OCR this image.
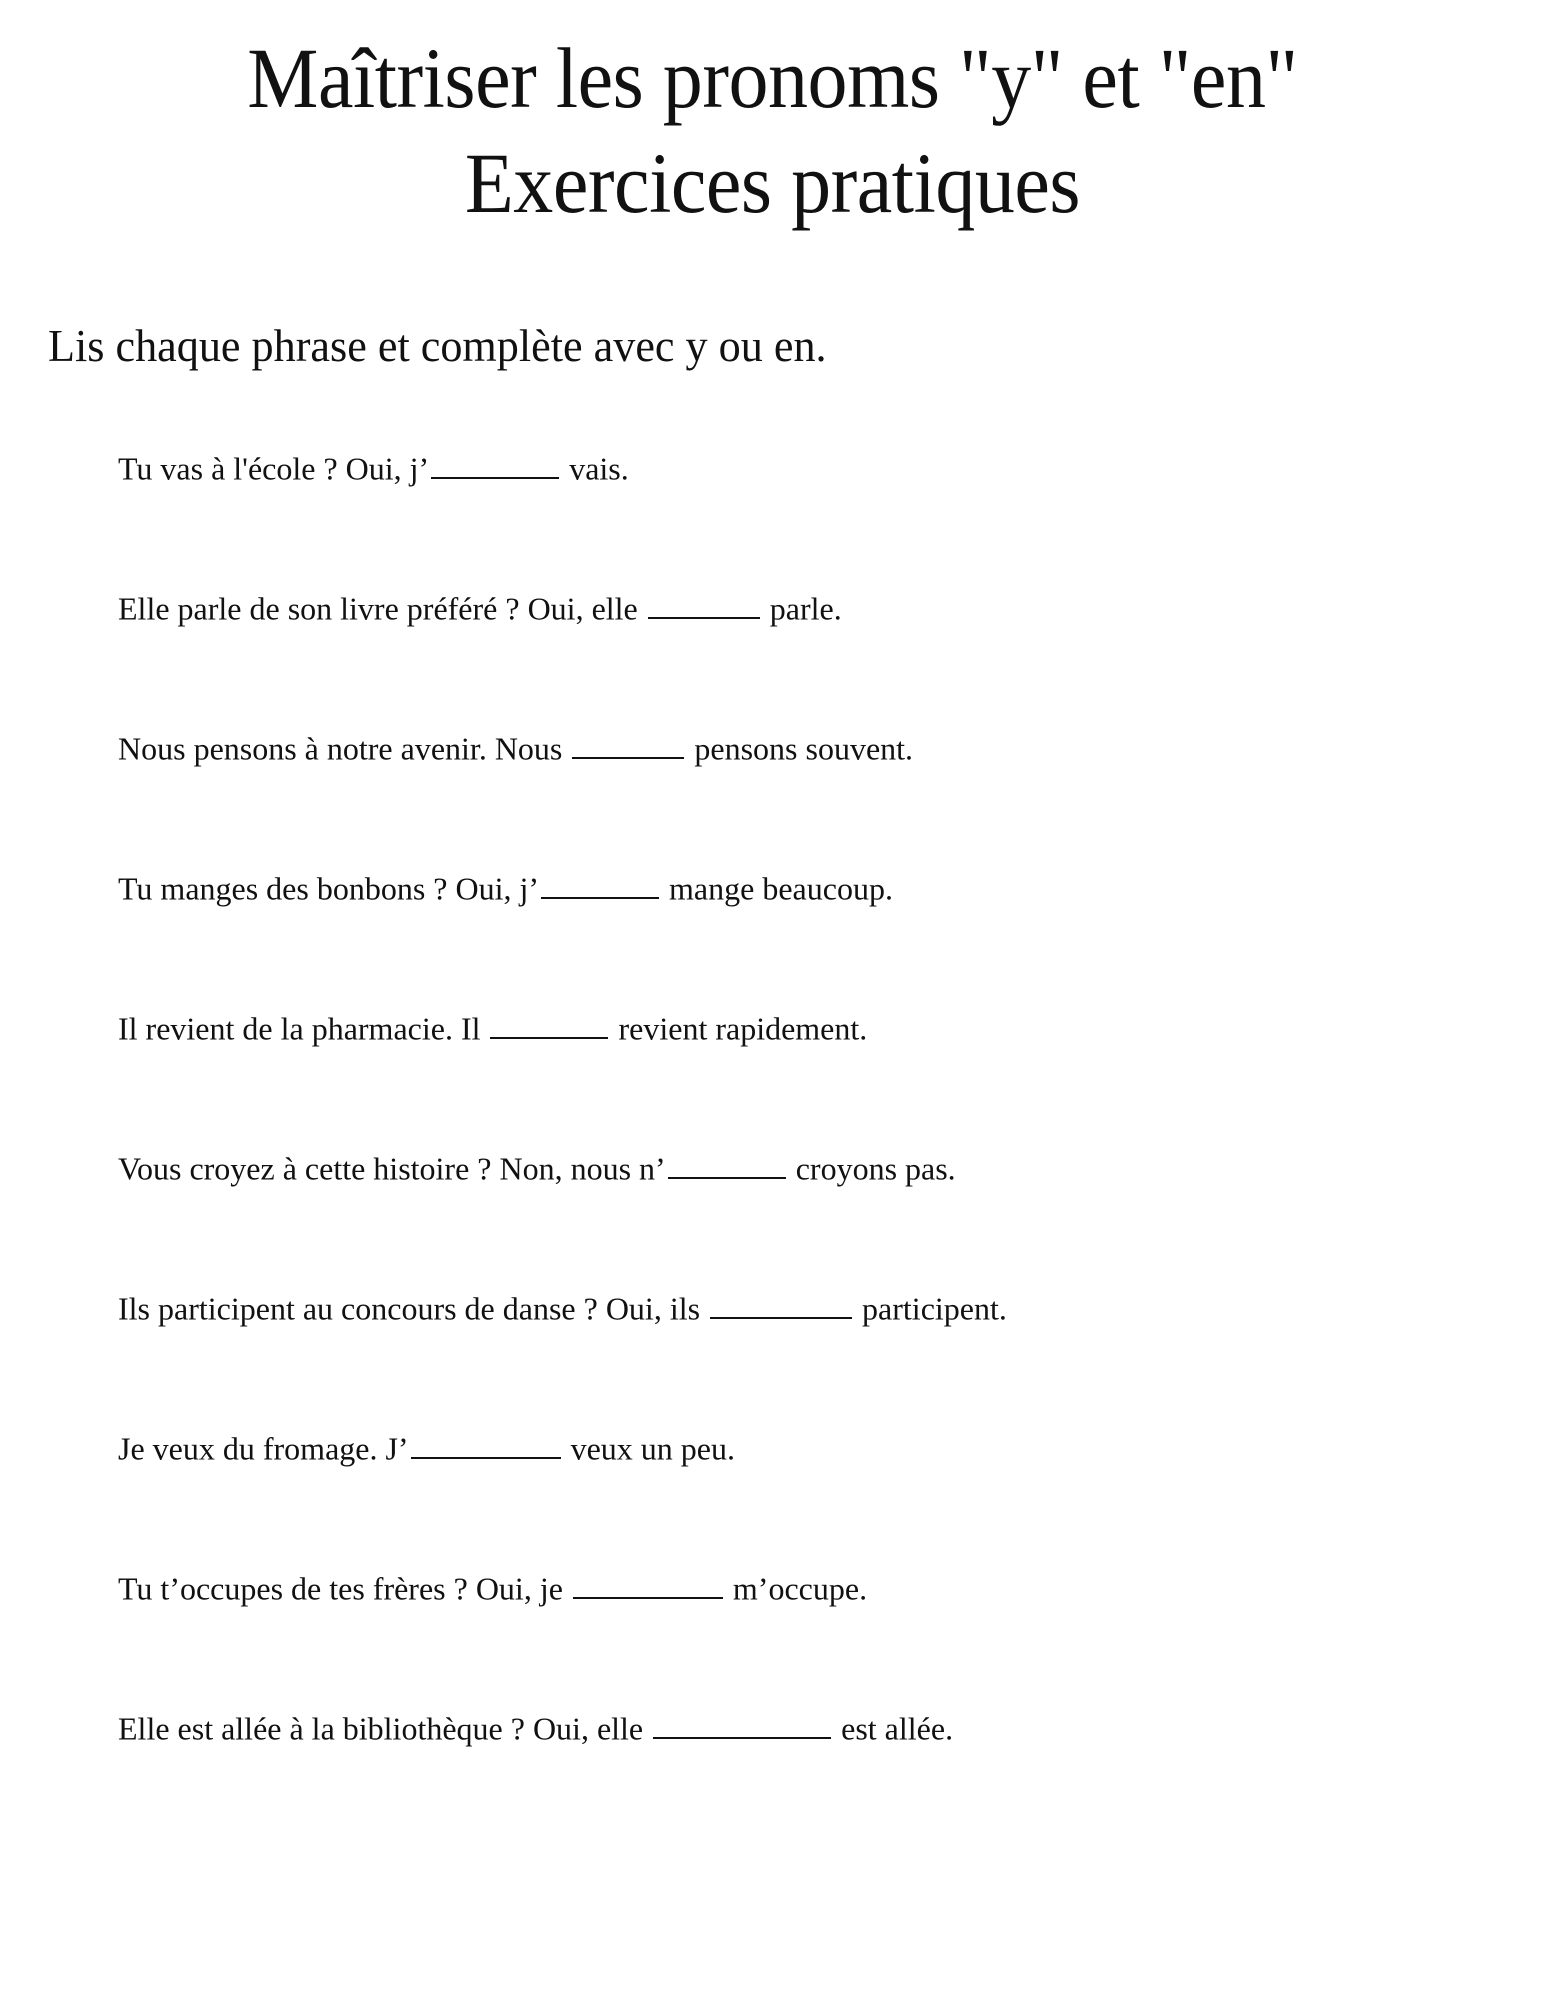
Maîtriser les pronoms "y" et "en"
Exercices pratiques
Lis chaque phrase et complète avec y ou en.
Tu vas à l'école ? Oui, j’	vais.
Elle parle de son livre préféré ? Oui, elle	parle.
Nous pensons à notre avenir. Nous	pensons souvent.
Tu manges des bonbons ? Oui, j’	mange beaucoup.
Il revient de la pharmacie. Il	revient rapidement.
Vous croyez à cette histoire ? Non, nous n’	croyons pas.
Ils participent au concours de danse ? Oui, ils	participent.
Je veux du fromage. J’	veux un peu.
Tu t’occupes de tes frères ? Oui, je	m’occupe.
Elle est allée à la bibliothèque ? Oui, elle	est allée.
